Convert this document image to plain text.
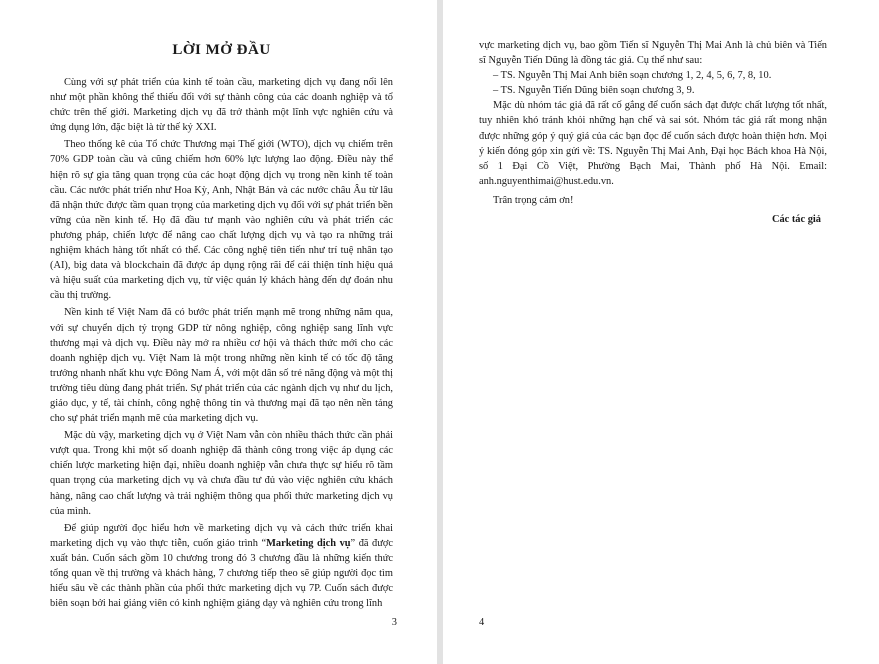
LỜI MỞ ĐẦU

Cùng với sự phát triển của kinh tế toàn cầu, marketing dịch vụ đang nổi lên như một phần không thể thiếu đối với sự thành công của các doanh nghiệp và tổ chức trên thế giới. Marketing dịch vụ đã trở thành một lĩnh vực nghiên cứu và ứng dụng lớn, đặc biệt là từ thế kỷ XXI.

Theo thống kê của Tổ chức Thương mại Thế giới (WTO), dịch vụ chiếm trên 70% GDP toàn cầu và cũng chiếm hơn 60% lực lượng lao động. Điều này thể hiện rõ sự gia tăng quan trọng của các hoạt động dịch vụ trong nền kinh tế toàn cầu. Các nước phát triển như Hoa Kỳ, Anh, Nhật Bản và các nước châu Âu từ lâu đã nhận thức được tầm quan trọng của marketing dịch vụ đối với sự phát triển bền vững của nền kinh tế. Họ đã đầu tư mạnh vào nghiên cứu và phát triển các phương pháp, chiến lược để nâng cao chất lượng dịch vụ và tạo ra những trải nghiệm khách hàng tốt nhất có thể. Các công nghệ tiên tiến như trí tuệ nhân tạo (AI), big data và blockchain đã được áp dụng rộng rãi để cải thiện tính hiệu quả và hiệu suất của marketing dịch vụ, từ việc quản lý khách hàng đến dự đoán nhu cầu thị trường.

Nền kinh tế Việt Nam đã có bước phát triển mạnh mẽ trong những năm qua, với sự chuyển dịch tỷ trọng GDP từ nông nghiệp, công nghiệp sang lĩnh vực thương mại và dịch vụ. Điều này mở ra nhiều cơ hội và thách thức mới cho các doanh nghiệp dịch vụ. Việt Nam là một trong những nền kinh tế có tốc độ tăng trưởng nhanh nhất khu vực Đông Nam Á, với một dân số trẻ năng động và một thị trường tiêu dùng đang phát triển. Sự phát triển của các ngành dịch vụ như du lịch, giáo dục, y tế, tài chính, công nghệ thông tin và thương mại đã tạo nên nền tảng cho sự phát triển mạnh mẽ của marketing dịch vụ.

Mặc dù vậy, marketing dịch vụ ở Việt Nam vẫn còn nhiều thách thức cần phải vượt qua. Trong khi một số doanh nghiệp đã thành công trong việc áp dụng các chiến lược marketing hiện đại, nhiều doanh nghiệp vẫn chưa thực sự hiểu rõ tầm quan trọng của marketing dịch vụ và chưa đầu tư đủ vào việc nghiên cứu khách hàng, nâng cao chất lượng và trải nghiệm thông qua phối thức marketing dịch vụ của mình.

Để giúp người đọc hiểu hơn về marketing dịch vụ và cách thức triển khai marketing dịch vụ vào thực tiễn, cuốn giáo trình “Marketing dịch vụ” đã được xuất bản. Cuốn sách gồm 10 chương trong đó 3 chương đầu là những kiến thức tổng quan về thị trường và khách hàng, 7 chương tiếp theo sẽ giúp người đọc tìm hiểu sâu về các thành phần của phối thức marketing dịch vụ 7P. Cuốn sách được biên soạn bởi hai giảng viên có kinh nghiệm giảng dạy và nghiên cứu trong lĩnh

3

vực marketing dịch vụ, bao gồm Tiến sĩ Nguyễn Thị Mai Anh là chủ biên và Tiến sĩ Nguyễn Tiến Dũng là đồng tác giả. Cụ thể như sau:

– TS. Nguyễn Thị Mai Anh biên soạn chương 1, 2, 4, 5, 6, 7, 8, 10.

– TS. Nguyễn Tiến Dũng biên soạn chương 3, 9.

Mặc dù nhóm tác giả đã rất cố gắng để cuốn sách đạt được chất lượng tốt nhất, tuy nhiên khó tránh khỏi những hạn chế và sai sót. Nhóm tác giả rất mong nhận được những góp ý quý giá của các bạn đọc để cuốn sách được hoàn thiện hơn. Mọi ý kiến đóng góp xin gửi về: TS. Nguyễn Thị Mai Anh, Đại học Bách khoa Hà Nội, số 1 Đại Cồ Việt, Phường Bạch Mai, Thành phố Hà Nội. Email: anh.nguyenthimai@hust.edu.vn.

Trân trọng cảm ơn!

Các tác giả
4
